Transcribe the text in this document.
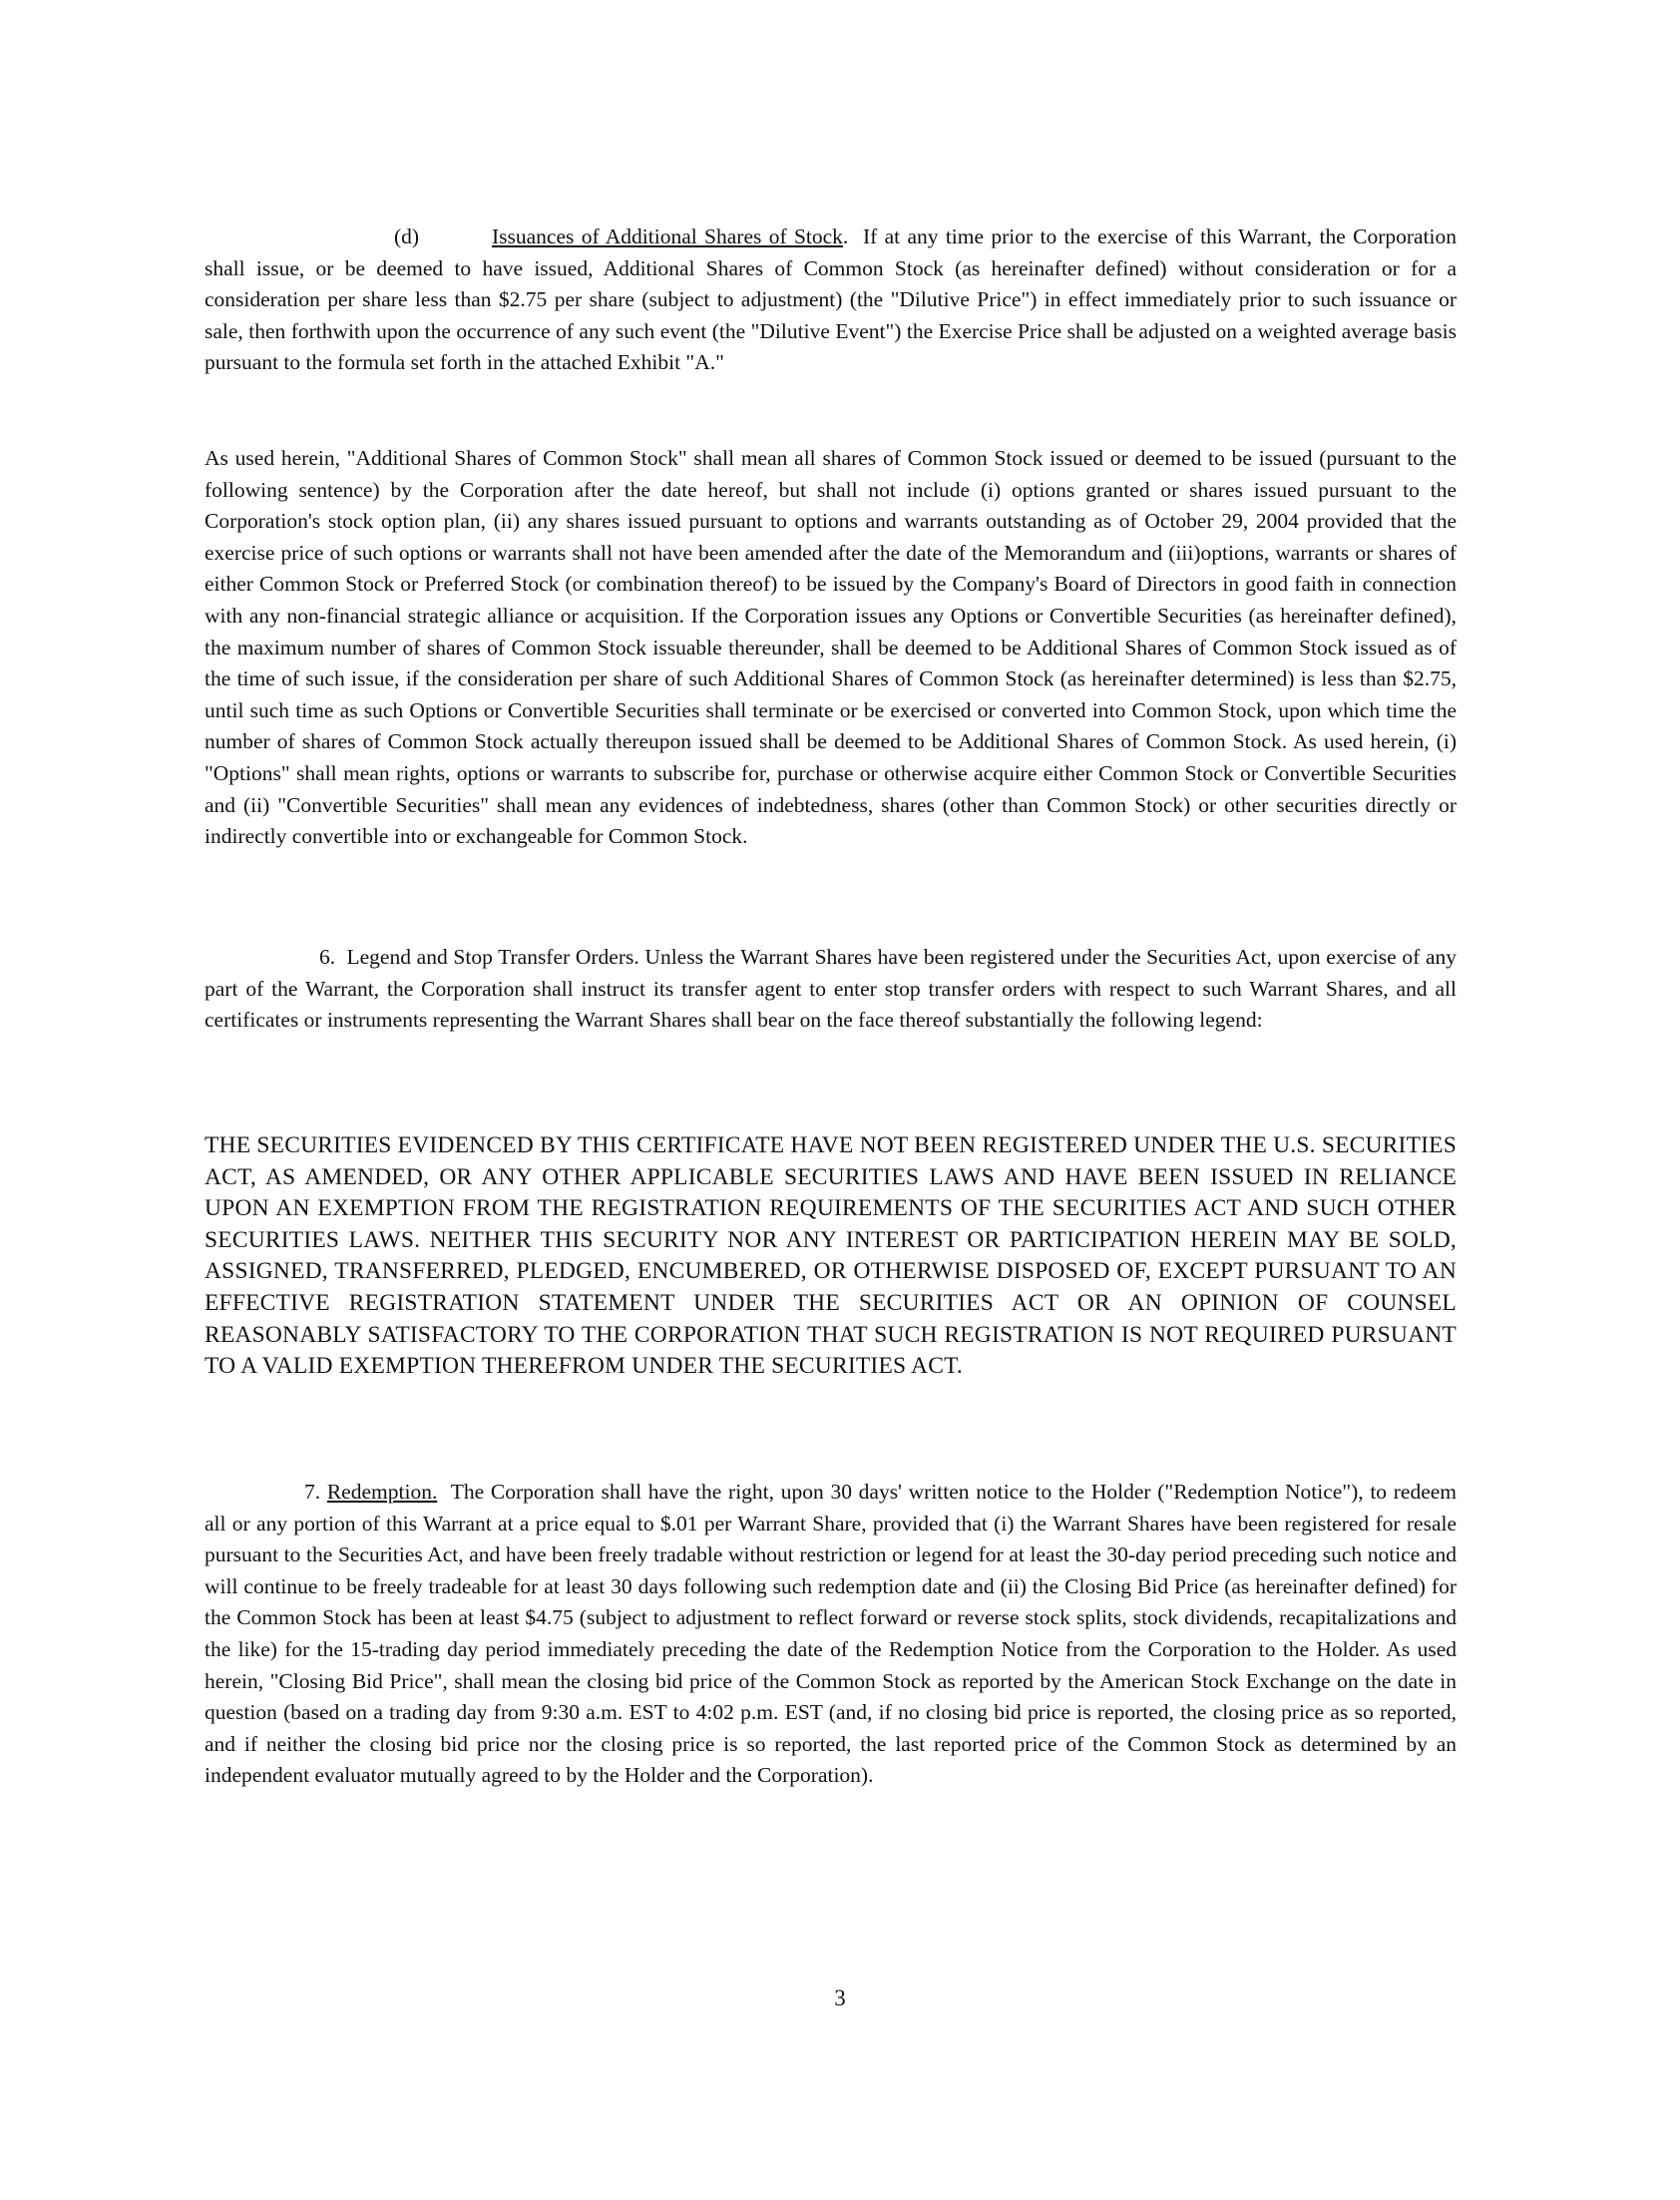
(d)	Issuances of Additional Shares of Stock. If at any time prior to the exercise of this Warrant, the Corporation shall issue, or be deemed to have issued, Additional Shares of Common Stock (as hereinafter defined) without consideration or for a consideration per share less than $2.75 per share (subject to adjustment) (the "Dilutive Price") in effect immediately prior to such issuance or sale, then forthwith upon the occurrence of any such event (the "Dilutive Event") the Exercise Price shall be adjusted on a weighted average basis pursuant to the formula set forth in the attached Exhibit "A."

As used herein, "Additional Shares of Common Stock" shall mean all shares of Common Stock issued or deemed to be issued (pursuant to the following sentence) by the Corporation after the date hereof, but shall not include (i) options granted or shares issued pursuant to the Corporation's stock option plan, (ii) any shares issued pursuant to options and warrants outstanding as of October 29, 2004 provided that the exercise price of such options or warrants shall not have been amended after the date of the Memorandum and (iii)options, warrants or shares of either Common Stock or Preferred Stock (or combination thereof) to be issued by the Company's Board of Directors in good faith in connection with any non-financial strategic alliance or acquisition. If the Corporation issues any Options or Convertible Securities (as hereinafter defined), the maximum number of shares of Common Stock issuable thereunder, shall be deemed to be Additional Shares of Common Stock issued as of the time of such issue, if the consideration per share of such Additional Shares of Common Stock (as hereinafter determined) is less than $2.75, until such time as such Options or Convertible Securities shall terminate or be exercised or converted into Common Stock, upon which time the number of shares of Common Stock actually thereupon issued shall be deemed to be Additional Shares of Common Stock. As used herein, (i) "Options" shall mean rights, options or warrants to subscribe for, purchase or otherwise acquire either Common Stock or Convertible Securities and (ii) "Convertible Securities" shall mean any evidences of indebtedness, shares (other than Common Stock) or other securities directly or indirectly convertible into or exchangeable for Common Stock.

6. Legend and Stop Transfer Orders. Unless the Warrant Shares have been registered under the Securities Act, upon exercise of any part of the Warrant, the Corporation shall instruct its transfer agent to enter stop transfer orders with respect to such Warrant Shares, and all certificates or instruments representing the Warrant Shares shall bear on the face thereof substantially the following legend:

THE SECURITIES EVIDENCED BY THIS CERTIFICATE HAVE NOT BEEN REGISTERED UNDER THE U.S. SECURITIES ACT, AS AMENDED, OR ANY OTHER APPLICABLE SECURITIES LAWS AND HAVE BEEN ISSUED IN RELIANCE UPON AN EXEMPTION FROM THE REGISTRATION REQUIREMENTS OF THE SECURITIES ACT AND SUCH OTHER SECURITIES LAWS. NEITHER THIS SECURITY NOR ANY INTEREST OR PARTICIPATION HEREIN MAY BE SOLD, ASSIGNED, TRANSFERRED, PLEDGED, ENCUMBERED, OR OTHERWISE DISPOSED OF, EXCEPT PURSUANT TO AN EFFECTIVE REGISTRATION STATEMENT UNDER THE SECURITIES ACT OR AN OPINION OF COUNSEL REASONABLY SATISFACTORY TO THE CORPORATION THAT SUCH REGISTRATION IS NOT REQUIRED PURSUANT TO A VALID EXEMPTION THEREFROM UNDER THE SECURITIES ACT.

7. Redemption. The Corporation shall have the right, upon 30 days' written notice to the Holder ("Redemption Notice"), to redeem all or any portion of this Warrant at a price equal to $.01 per Warrant Share, provided that (i) the Warrant Shares have been registered for resale pursuant to the Securities Act, and have been freely tradable without restriction or legend for at least the 30-day period preceding such notice and will continue to be freely tradeable for at least 30 days following such redemption date and (ii) the Closing Bid Price (as hereinafter defined) for the Common Stock has been at least $4.75 (subject to adjustment to reflect forward or reverse stock splits, stock dividends, recapitalizations and the like) for the 15-trading day period immediately preceding the date of the Redemption Notice from the Corporation to the Holder. As used herein, "Closing Bid Price", shall mean the closing bid price of the Common Stock as reported by the American Stock Exchange on the date in question (based on a trading day from 9:30 a.m. EST to 4:02 p.m. EST (and, if no closing bid price is reported, the closing price as so reported, and if neither the closing bid price nor the closing price is so reported, the last reported price of the Common Stock as determined by an independent evaluator mutually agreed to by the Holder and the Corporation).

3
